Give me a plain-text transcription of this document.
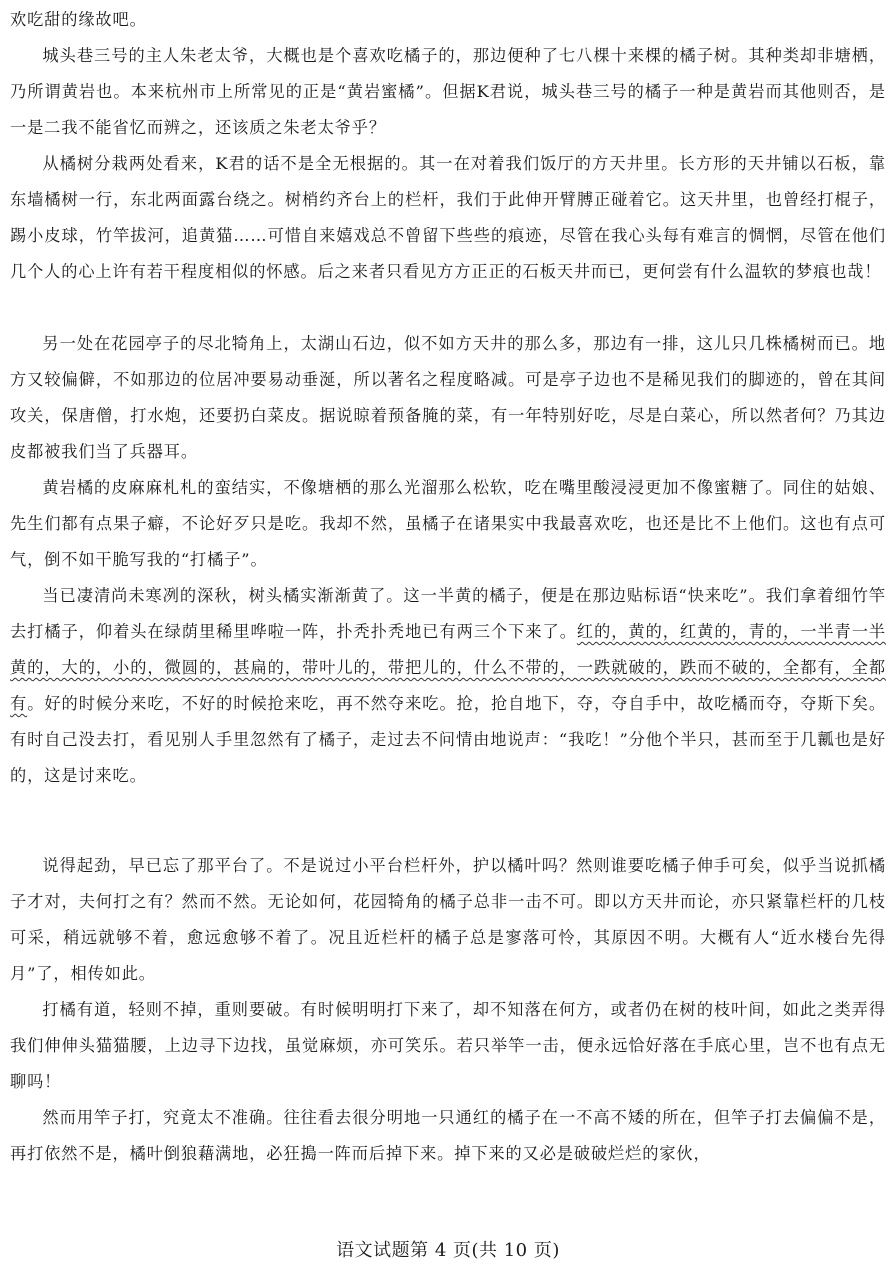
欢吃甜的缘故吧。

城头巷三号的主人朱老太爷，大概也是个喜欢吃橘子的，那边便种了七八棵十来棵的橘子树。其种类却非塘栖，乃所谓黄岩也。本来杭州市上所常见的正是“黄岩蜜橘”。但据K君说，城头巷三号的橘子一种是黄岩而其他则否，是一是二我不能省忆而辨之，还该质之朱老太爷乎？

从橘树分栽两处看来，K君的话不是全无根据的。其一在对着我们饭厅的方天井里。长方形的天井铺以石板，靠东墙橘树一行，东北两面露台绕之。树梢约齐台上的栏杆，我们于此伸开臂膊正碰着它。这天井里，也曾经打棍子，踢小皮球，竹竿拔河，追黄猫……可惜自来嬉戏总不曾留下些些的痕迹，尽管在我心头每有难言的惆惘，尽管在他们几个人的心上许有若干程度相似的怀感。后之来者只看见方方正正的石板天井而已，更何尝有什么温软的梦痕也哉！

另一处在花园亭子的尽北犄角上，太湖山石边，似不如方天井的那么多，那边有一排，这儿只几株橘树而已。地方又较偏僻，不如那边的位居冲要易动垂涎，所以著名之程度略减。可是亭子边也不是稀见我们的脚迹的，曾在其间攻关，保唐僧，打水炮，还要扔白菜皮。据说晾着预备腌的菜，有一年特别好吃，尽是白菜心，所以然者何？乃其边皮都被我们当了兵器耳。

黄岩橘的皮麻麻札札的蛮结实，不像塘栖的那么光溜那么松软，吃在嘴里酸浸浸更加不像蜜糖了。同住的姑娘、先生们都有点果子癖，不论好歹只是吃。我却不然，虽橘子在诸果实中我最喜欢吃，也还是比不上他们。这也有点可气，倒不如干脆写我的“打橘子”。

当已凄清尚未寒冽的深秋，树头橘实渐渐黄了。这一半黄的橘子，便是在那边贴标语“快来吃”。我们拿着细竹竿去打橘子，仰着头在绿荫里稀里哗啦一阵，扑秃扑秃地已有两三个下来了。红的，黄的，红黄的，青的，一半青一半黄的，大的，小的，微圆的，甚扁的，带叶儿的，带把儿的，什么不带的，一跌就破的，跌而不破的，全都有，全都有。好的时候分来吃，不好的时候抢来吃，再不然夺来吃。抢，抢自地下，夺，夺自手中，故吃橘而夺，夺斯下矣。有时自己没去打，看见别人手里忽然有了橘子，走过去不问情由地说声：“我吃！”分他个半只，甚而至于几瓤也是好的，这是讨来吃。

说得起劲，早已忘了那平台了。不是说过小平台栏杆外，护以橘叶吗？然则谁要吃橘子伸手可矣，似乎当说抓橘子才对，夫何打之有？然而不然。无论如何，花园犄角的橘子总非一击不可。即以方天井而论，亦只紧靠栏杆的几枝可采，稍远就够不着，愈远愈够不着了。况且近栏杆的橘子总是寥落可怜，其原因不明。大概有人“近水楼台先得月”了，相传如此。

打橘有道，轻则不掉，重则要破。有时候明明打下来了，却不知落在何方，或者仍在树的枝叶间，如此之类弄得我们伸伸头猫猫腰，上边寻下边找，虽觉麻烦，亦可笑乐。若只举竿一击，便永远恰好落在手底心里，岂不也有点无聊吗！

然而用竿子打，究竟太不准确。往往看去很分明地一只通红的橘子在一不高不矮的所在，但竿子打去偏偏不是，再打依然不是，橘叶倒狼藉满地，必狂搗一阵而后掉下来。掉下来的又必是破破烂烂的家伙，

语文试题第 4 页(共 10 页)
